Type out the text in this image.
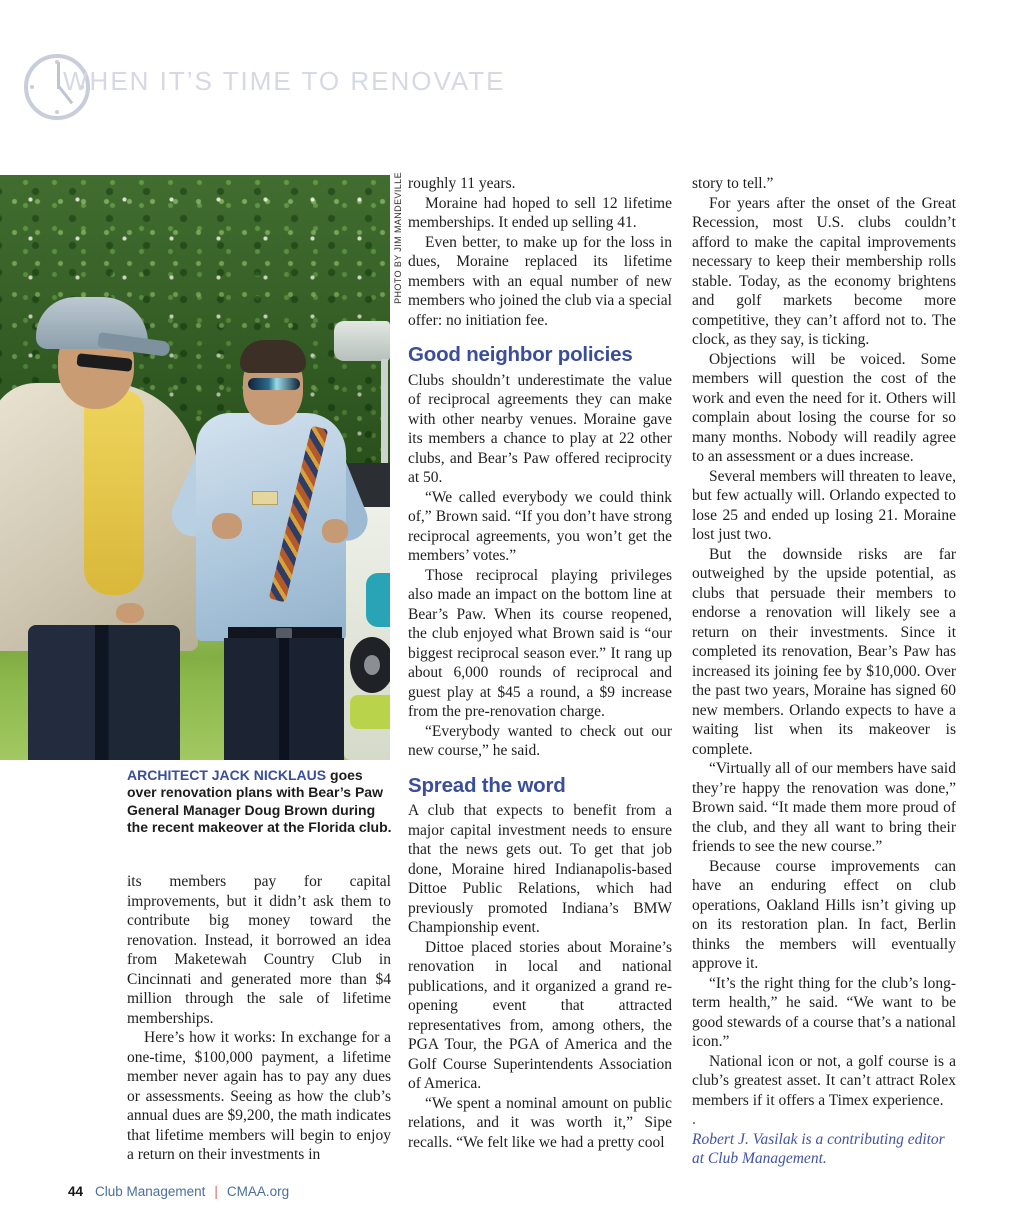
WHEN IT’S TIME TO RENOVATE
PHOTO BY JIM MANDEVILLE
ARCHITECT JACK NICKLAUS goes over renovation plans with Bear’s Paw General Manager Doug Brown during the recent makeover at the Florida club.

its members pay for capital improvements, but it didn’t ask them to contribute big money toward the renovation. Instead, it borrowed an idea from Maketewah Country Club in Cincinnati and generated more than $4 million through the sale of lifetime memberships.

Here’s how it works: In exchange for a one-time, $100,000 payment, a lifetime member never again has to pay any dues or assessments. Seeing as how the club’s annual dues are $9,200, the math indicates that lifetime members will begin to enjoy a return on their investments in

roughly 11 years.

Moraine had hoped to sell 12 lifetime memberships. It ended up selling 41.

Even better, to make up for the loss in dues, Moraine replaced its lifetime members with an equal number of new members who joined the club via a special offer: no initiation fee.

Good neighbor policies

Clubs shouldn’t underestimate the value of reciprocal agreements they can make with other nearby venues. Moraine gave its members a chance to play at 22 other clubs, and Bear’s Paw offered reciprocity at 50.

“We called everybody we could think of,” Brown said. “If you don’t have strong reciprocal agreements, you won’t get the members’ votes.”

Those reciprocal playing privileges also made an impact on the bottom line at Bear’s Paw. When its course reopened, the club enjoyed what Brown said is “our biggest reciprocal season ever.” It rang up about 6,000 rounds of reciprocal and guest play at $45 a round, a $9 increase from the pre-renovation charge.

“Everybody wanted to check out our new course,” he said.

Spread the word

A club that expects to benefit from a major capital investment needs to ensure that the news gets out. To get that job done, Moraine hired Indianapolis-based Dittoe Public Relations, which had previously promoted Indiana’s BMW Championship event.

Dittoe placed stories about Moraine’s renovation in local and national publications, and it organized a grand re-opening event that attracted representatives from, among others, the PGA Tour, the PGA of America and the Golf Course Superintendents Association of America.

“We spent a nominal amount on public relations, and it was worth it,” Sipe recalls. “We felt like we had a pretty cool

story to tell.”

For years after the onset of the Great Recession, most U.S. clubs couldn’t afford to make the capital improvements necessary to keep their membership rolls stable. Today, as the economy brightens and golf markets become more competitive, they can’t afford not to. The clock, as they say, is ticking.

Objections will be voiced. Some members will question the cost of the work and even the need for it. Others will complain about losing the course for so many months. Nobody will readily agree to an assessment or a dues increase.

Several members will threaten to leave, but few actually will. Orlando expected to lose 25 and ended up losing 21. Moraine lost just two.

But the downside risks are far outweighed by the upside potential, as clubs that persuade their members to endorse a renovation will likely see a return on their investments. Since it completed its renovation, Bear’s Paw has increased its joining fee by $10,000. Over the past two years, Moraine has signed 60 new members. Orlando expects to have a waiting list when its makeover is complete.

“Virtually all of our members have said they’re happy the renovation was done,” Brown said. “It made them more proud of the club, and they all want to bring their friends to see the new course.”

Because course improvements can have an enduring effect on club operations, Oakland Hills isn’t giving up on its restoration plan. In fact, Berlin thinks the members will eventually approve it.

“It’s the right thing for the club’s long-term health,” he said. “We want to be good stewards of a course that’s a national icon.”

National icon or not, a golf course is a club’s greatest asset. It can’t attract Rolex members if it offers a Timex experience.

.

Robert J. Vasilak is a contributing editor at Club Management.

44 Club Management | CMAA.org
